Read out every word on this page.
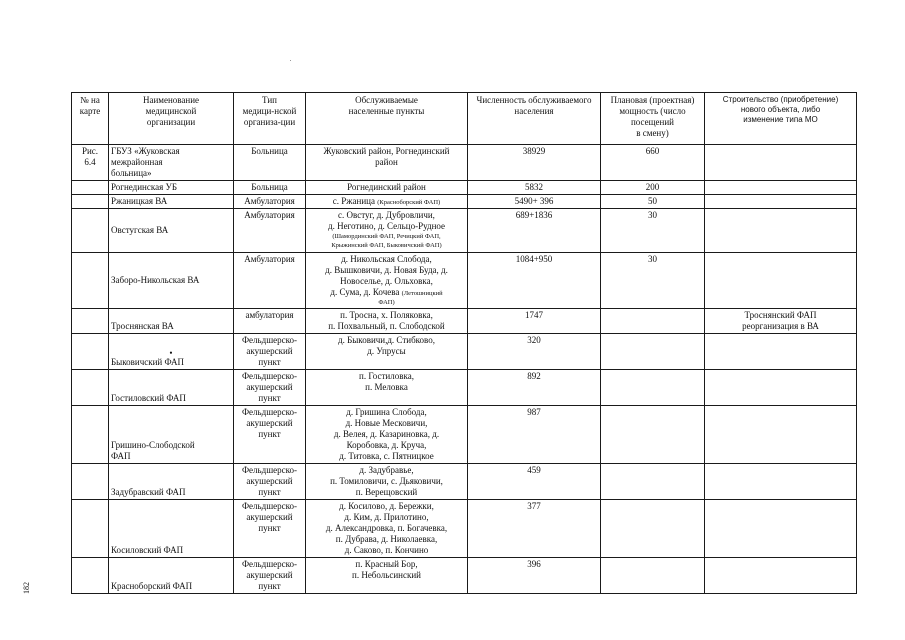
№ на
карте	Наименование
медицинской
организации	Тип
медици-нской
организа-ции	Обслуживаемые
населенные пункты	Численность обслуживаемого
населения	Плановая (проектная)
мощность (число
посещений
в смену)	Строительство (приобретение)
нового объекта, либо
изменение типа МО

Рис.
6.4	ГБУЗ «Жуковская
межрайонная
больница»	Больница	Жуковский район, Рогнединский
район	38929	660	

	Рогнединская УБ	Больница	Рогнединский район	5832	200	

	Ржаницкая ВА	Амбулатория	с. Ржаница (Красноборский ФАП)	5490+ 396	50	

	Овстугская ВА	Амбулатория	с. Овстуг, д. Дубровличи,
д. Неготино, д. Сельцо-Рудное
(Шамординский ФАП, Речицкий ФАП,
Крыжинский ФАП, Быковичский ФАП)	689+1836	30	

	Заборо-Никольская ВА	Амбулатория	д. Никольская Слобода,
д. Вышковичи, д. Новая Буда, д.
Новоселье, д. Ольховка,
д. Сума, д. Кочева (Летошницкий
ФАП)	1084+950	30	

	Троснянская ВА	амбулатория	п. Тросна, х. Поляковка,
п. Похвальный, п. Слободской	1747		Троснянский ФАП
реорганизация в ВА

	•
Быковичский ФАП	Фельдшерско-
акушерский
пункт	д. Быковичи,д. Стибково,
д. Упрусы	320		

	Гостиловский ФАП	Фельдшерско-
акушерский
пункт	п. Гостиловка,
п. Меловка	892		

	Гришино-Слободской
ФАП	Фельдшерско-
акушерский
пункт	д. Гришина Слобода,
д. Новые Месковичи,
д. Велея, д. Казариновка, д.
Коробовка, д. Круча,
д. Титовка, с. Пятницкое	987		

	Задубравский ФАП	Фельдшерско-
акушерский
пункт	д. Задубравье,
п. Томиловичи, с. Дьяковичи,
п. Верещовский	459		

	Косиловский ФАП	Фельдшерско-
акушерский
пункт	д. Косилово, д. Бережки,
д. Ким, д. Прилотино,
д. Александровка, п. Богачевка,
п. Дубрава, д. Николаевка,
д. Саково, п. Кончино	377		

	Красноборский ФАП	Фельдшерско-
акушерский
пункт	п. Красный Бор,
п. Небольсинский	396		
182
